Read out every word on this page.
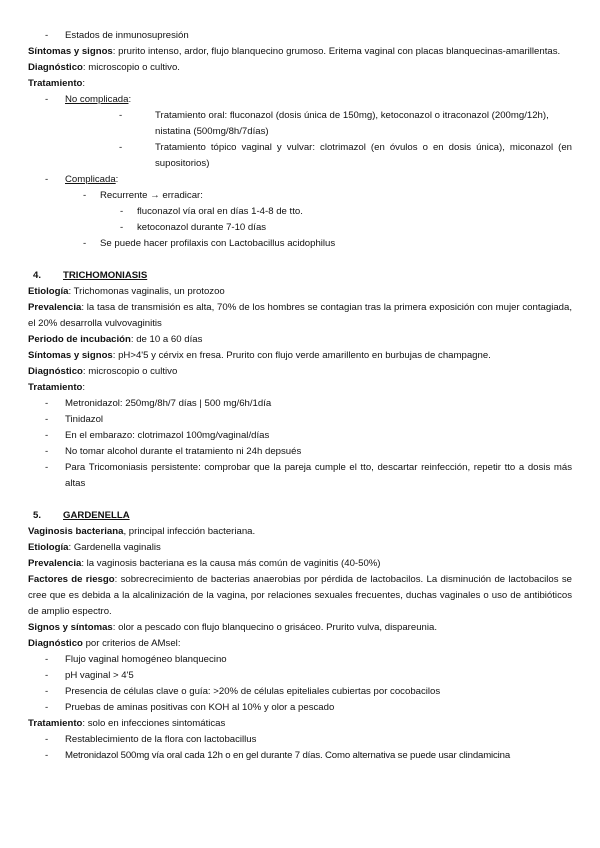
- Estados de inmunosupresión

Síntomas y signos: prurito intenso, ardor, flujo blanquecino grumoso. Eritema vaginal con placas blanquecinas-amarillentas.

Diagnóstico: microscopio o cultivo.

Tratamiento:

- No complicada:
-	Tratamiento oral: fluconazol (dosis única de 150mg), ketoconazol o itraconazol (200mg/12h), nistatina (500mg/8h/7días)
-	Tratamiento tópico vaginal y vulvar: clotrimazol (en óvulos o en dosis única), miconazol (en supositorios)
- Complicada:
- Recurrente → erradicar:
- fluconazol vía oral en días 1-4-8 de tto.
- ketoconazol durante 7-10 días
- Se puede hacer profilaxis con Lactobacillus acidophilus
4. TRICHOMONIASIS

Etiología: Trichomonas vaginalis, un protozoo

Prevalencia: la tasa de transmisión es alta, 70% de los hombres se contagian tras la primera exposición con mujer contagiada, el 20% desarrolla vulvovaginitis

Periodo de incubación: de 10 a 60 días

Síntomas y signos: pH>4'5 y cérvix en fresa. Prurito con flujo verde amarillento en burbujas de champagne.

Diagnóstico: microscopio o cultivo

Tratamiento:

- Metronidazol: 250mg/8h/7 días | 500 mg/6h/1día
- Tinidazol
- En el embarazo: clotrimazol 100mg/vaginal/días
- No tomar alcohol durante el tratamiento ni 24h depsués
- Para Tricomoniasis persistente: comprobar que la pareja cumple el tto, descartar reinfección, repetir tto a dosis más altas
5. GARDENELLA

Vaginosis bacteriana, principal infección bacteriana.

Etiología: Gardenella vaginalis

Prevalencia: la vaginosis bacteriana es la causa más común de vaginitis (40-50%)

Factores de riesgo: sobrecrecimiento de bacterias anaerobias por pérdida de lactobacilos. La disminución de lactobacilos se cree que es debida a la alcalinización de la vagina, por relaciones sexuales frecuentes, duchas vaginales o uso de antibióticos de amplio espectro.

Signos y síntomas: olor a pescado con flujo blanquecino o grisáceo. Prurito vulva, dispareunia.

Diagnóstico por criterios de AMsel:

- Flujo vaginal homogéneo blanquecino
- pH vaginal > 4'5
- Presencia de células clave o guía: >20% de células epiteliales cubiertas por cocobacilos
- Pruebas de aminas positivas con KOH al 10% y olor a pescado

Tratamiento: solo en infecciones sintomáticas

- Restablecimiento de la flora con lactobacillus
- Metronidazol 500mg vía oral cada 12h o en gel durante 7 días. Como alternativa se puede usar clindamicina
